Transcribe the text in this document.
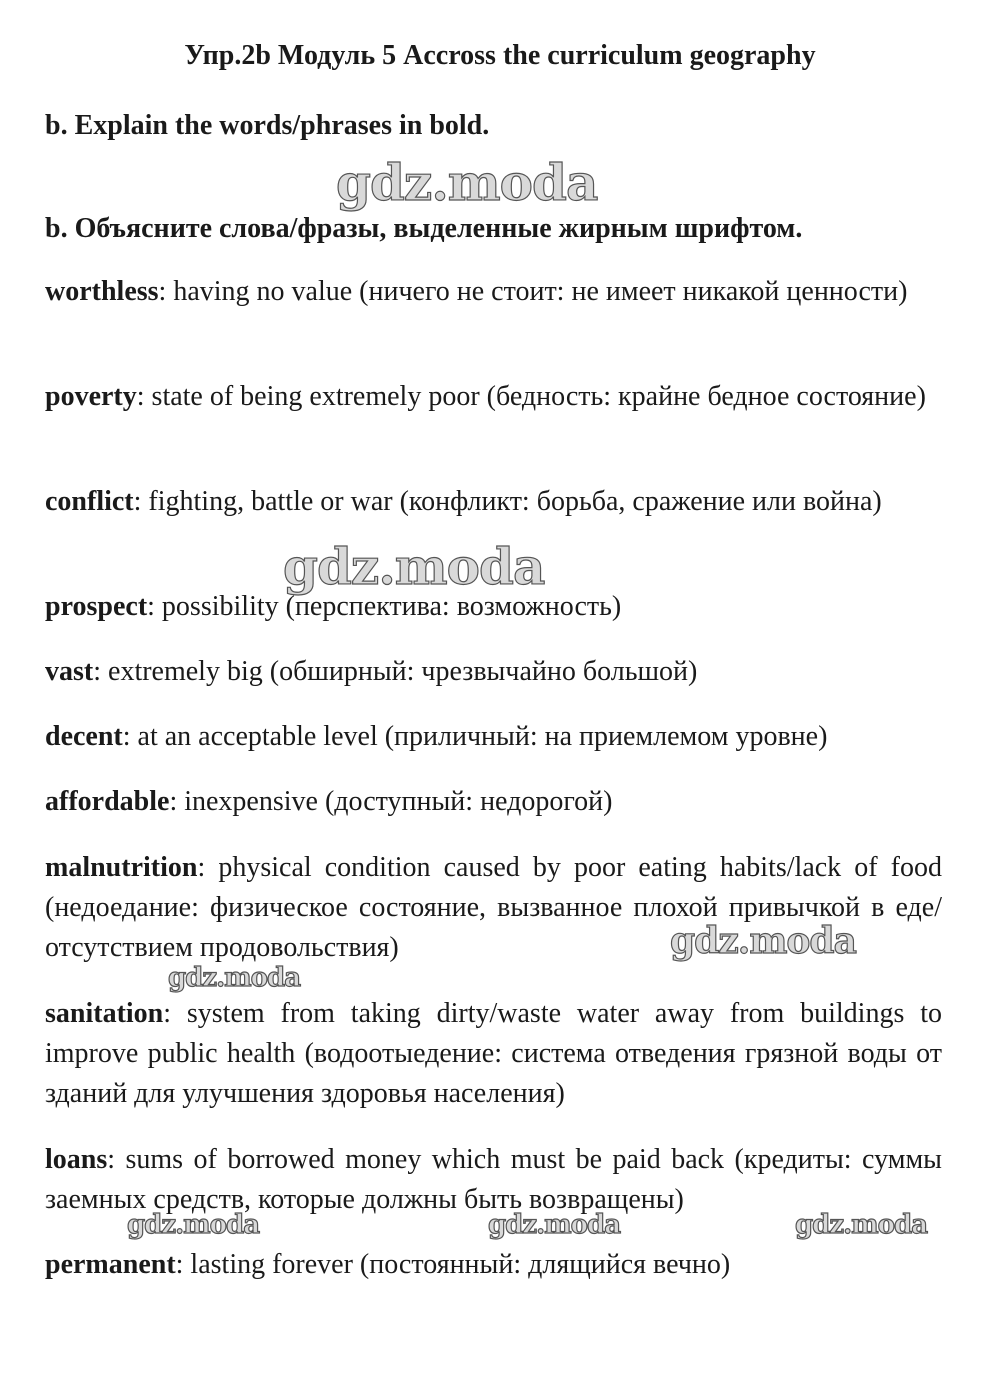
Упр.2b Модуль 5 Accross the curriculum geography

b. Explain the words/phrases in bold.

b. Объясните слова/фразы, выделенные жирным шрифтом.

worthless: having no value (ничего не стоит: не имеет никакой ценности)

poverty: state of being extremely poor (бедность: крайне бедное состояние)

conflict: fighting, battle or war (конфликт: борьба, сражение или война)

prospect: possibility (перспектива: возможность)

vast: extremely big (обширный: чрезвычайно большой)

decent: at an acceptable level (приличный: на приемлемом уровне)

affordable: inexpensive (доступный: недорогой)

malnutrition: physical condition caused by poor eating habits/lack of food (недоедание: физическое состояние, вызванное плохой привычкой в еде/отсутствием продовольствия)

sanitation: system from taking dirty/waste water away from buildings to improve public health (водоотыедение: система отведения грязной воды от зданий для улучшения здоровья населения)

loans: sums of borrowed money which must be paid back (кредиты: суммы заемных средств, которые должны быть возвращены)

permanent: lasting forever (постоянный: длящийся вечно)

gdz.moda
gdz.moda
gdz.moda
gdz.moda
gdz.moda	gdz.moda	gdz.moda
